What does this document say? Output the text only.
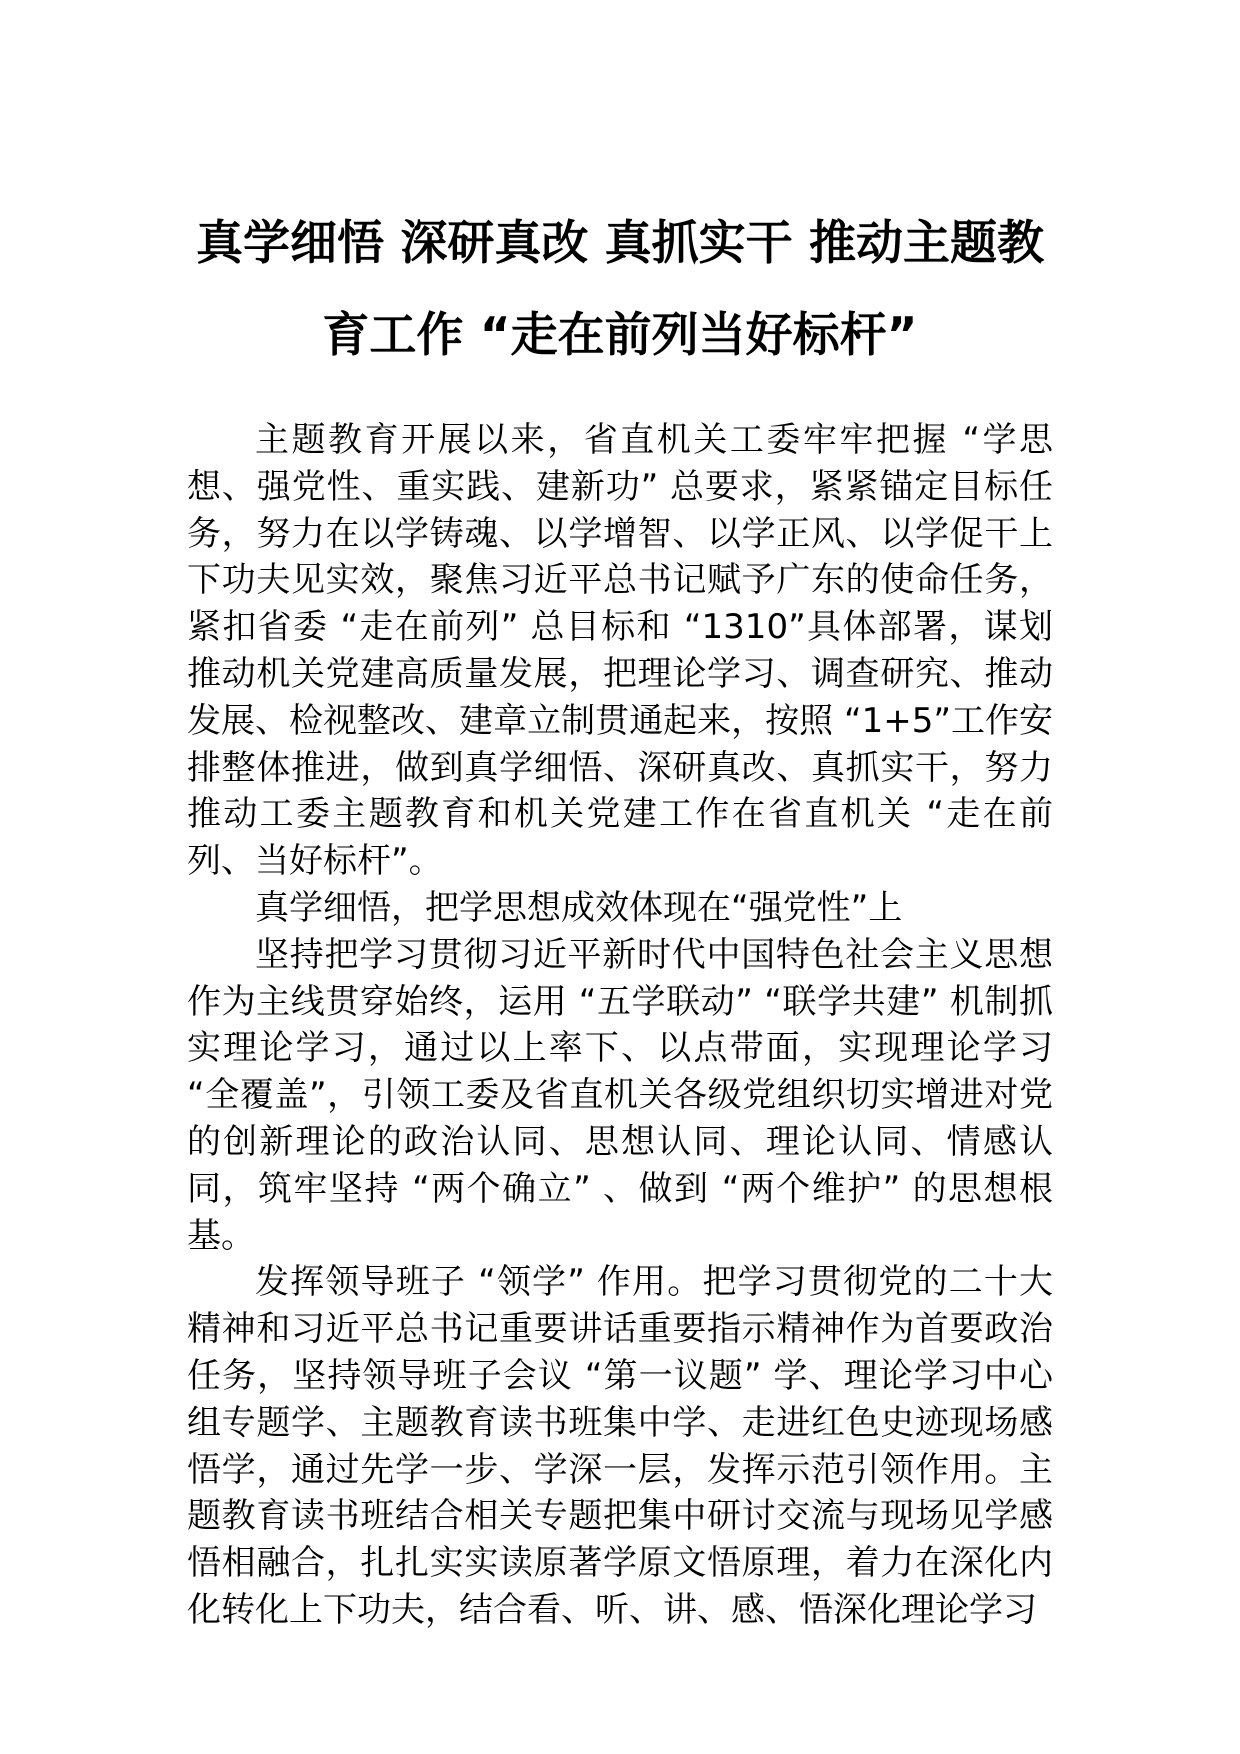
真学细悟 深研真改 真抓实干 推动主题教
育工作 “走在前列当好标杆”

主题教育开展以来，省直机关工委牢牢把握 “学思想、强党性、重实践、建新功” 总要求，紧紧锚定目标任务，努力在以学铸魂、以学增智、以学正风、以学促干上下功夫见实效，聚焦习近平总书记赋予广东的使命任务，紧扣省委 “走在前列” 总目标和 “1310”具体部署，谋划推动机关党建高质量发展，把理论学习、调查研究、推动发展、检视整改、建章立制贯通起来，按照 “1+5”工作安排整体推进，做到真学细悟、深研真改、真抓实干，努力推动工委主题教育和机关党建工作在省直机关 “走在前列、当好标杆”。

真学细悟，把学思想成效体现在“强党性”上

坚持把学习贯彻习近平新时代中国特色社会主义思想作为主线贯穿始终，运用 “五学联动” “联学共建” 机制抓实理论学习，通过以上率下、以点带面，实现理论学习 “全覆盖”，引领工委及省直机关各级党组织切实增进对党的创新理论的政治认同、思想认同、理论认同、情感认同，筑牢坚持 “两个确立” 、做到 “两个维护” 的思想根基。

发挥领导班子 “领学” 作用。把学习贯彻党的二十大精神和习近平总书记重要讲话重要指示精神作为首要政治任务，坚持领导班子会议 “第一议题” 学、理论学习中心组专题学、主题教育读书班集中学、走进红色史迹现场感悟学，通过先学一步、学深一层，发挥示范引领作用。主题教育读书班结合相关专题把集中研讨交流与现场见学感悟相融合，扎扎实实读原著学原文悟原理，着力在深化内化转化上下功夫，结合看、听、讲、感、悟深化理论学习
